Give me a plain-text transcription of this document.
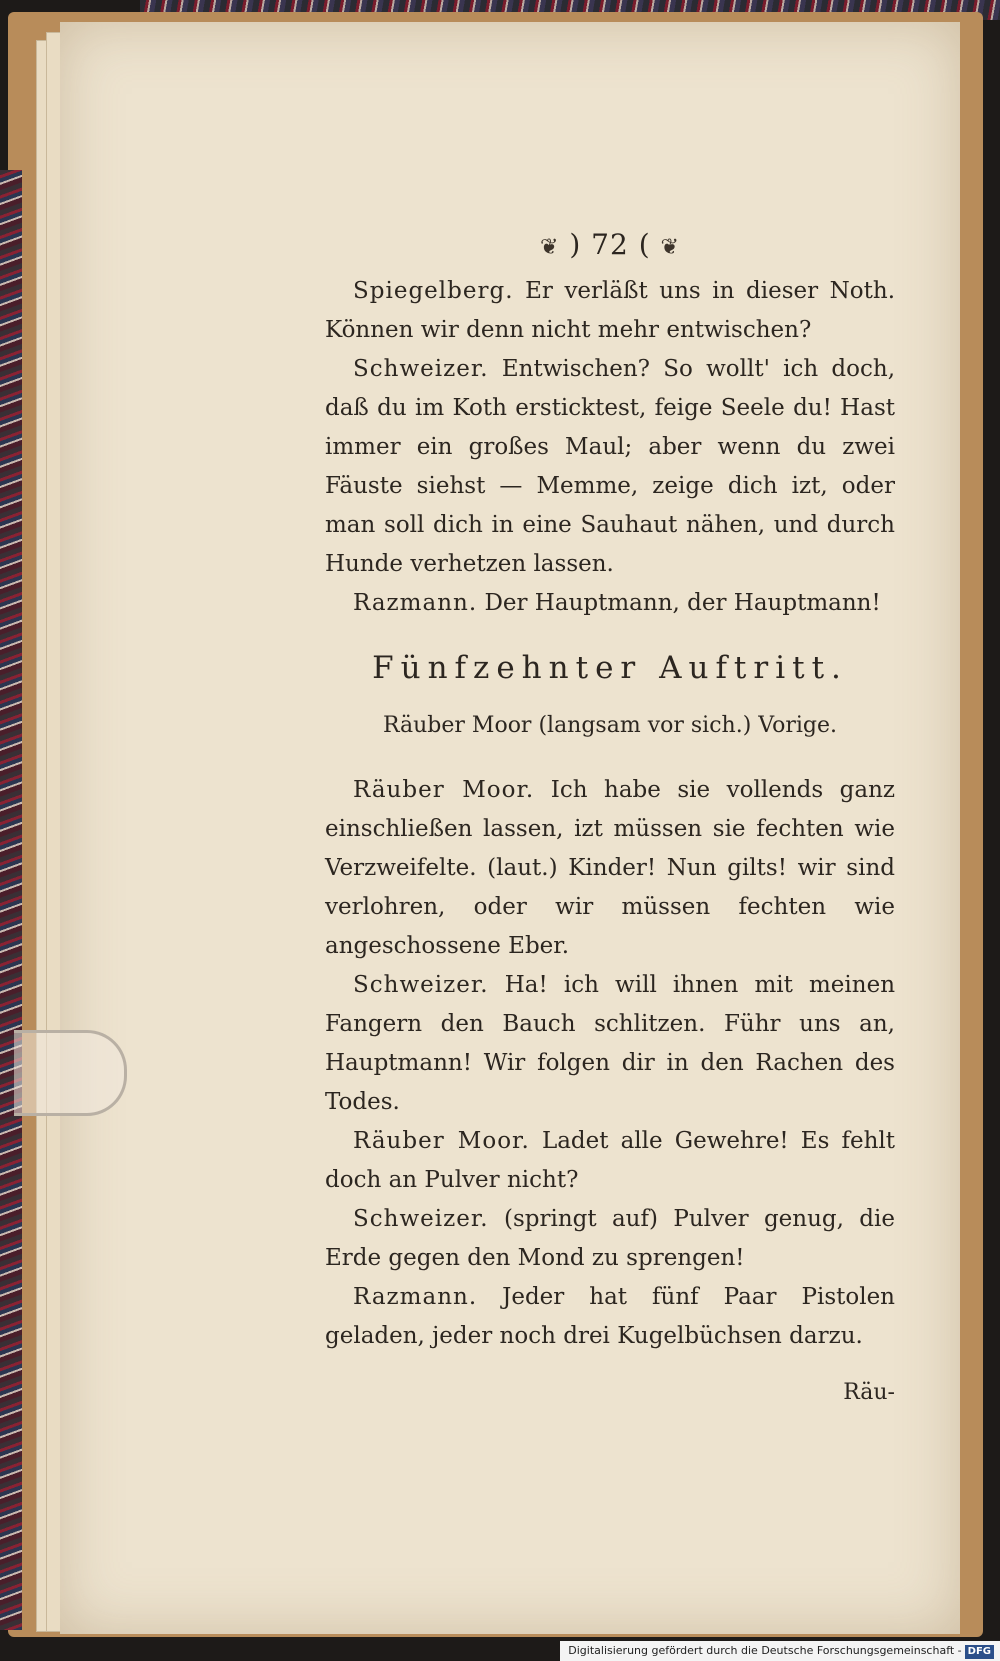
❦ ) 72 ( ❦

Spiegelberg. Er verläßt uns in dieser Noth. Können wir denn nicht mehr entwischen?

Schweizer. Entwischen? So wollt' ich doch, daß du im Koth ersticktest, feige Seele du! Hast immer ein großes Maul; aber wenn du zwei Fäuste siehst — Memme, zeige dich izt, oder man soll dich in eine Sauhaut nähen, und durch Hunde verhetzen lassen.

Razmann. Der Hauptmann, der Hauptmann!

Fünfzehnter Auftritt.
Räuber Moor (langsam vor sich.) Vorige.

Räuber Moor. Ich habe sie vollends ganz einschließen lassen, izt müssen sie fechten wie Verzweifelte. (laut.) Kinder! Nun gilts! wir sind verlohren, oder wir müssen fechten wie angeschossene Eber.

Schweizer. Ha! ich will ihnen mit meinen Fangern den Bauch schlitzen. Führ uns an, Hauptmann! Wir folgen dir in den Rachen des Todes.

Räuber Moor. Ladet alle Gewehre! Es fehlt doch an Pulver nicht?

Schweizer. (springt auf) Pulver genug, die Erde gegen den Mond zu sprengen!

Razmann. Jeder hat fünf Paar Pistolen geladen, jeder noch drei Kugelbüchsen darzu.

Räu-
Digitalisierung gefördert durch die Deutsche Forschungsgemeinschaft - DFG
